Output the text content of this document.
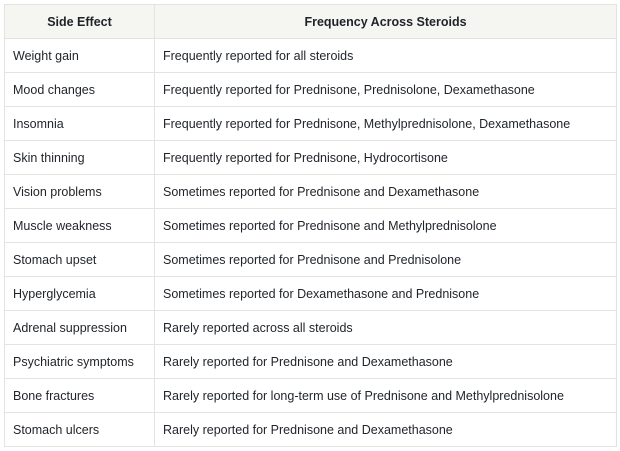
Side Effect	Frequency Across Steroids
Weight gain	Frequently reported for all steroids
Mood changes	Frequently reported for Prednisone, Prednisolone, Dexamethasone
Insomnia	Frequently reported for Prednisone, Methylprednisolone, Dexamethasone
Skin thinning	Frequently reported for Prednisone, Hydrocortisone
Vision problems	Sometimes reported for Prednisone and Dexamethasone
Muscle weakness	Sometimes reported for Prednisone and Methylprednisolone
Stomach upset	Sometimes reported for Prednisone and Prednisolone
Hyperglycemia	Sometimes reported for Dexamethasone and Prednisone
Adrenal suppression	Rarely reported across all steroids
Psychiatric symptoms	Rarely reported for Prednisone and Dexamethasone
Bone fractures	Rarely reported for long-term use of Prednisone and Methylprednisolone
Stomach ulcers	Rarely reported for Prednisone and Dexamethasone
